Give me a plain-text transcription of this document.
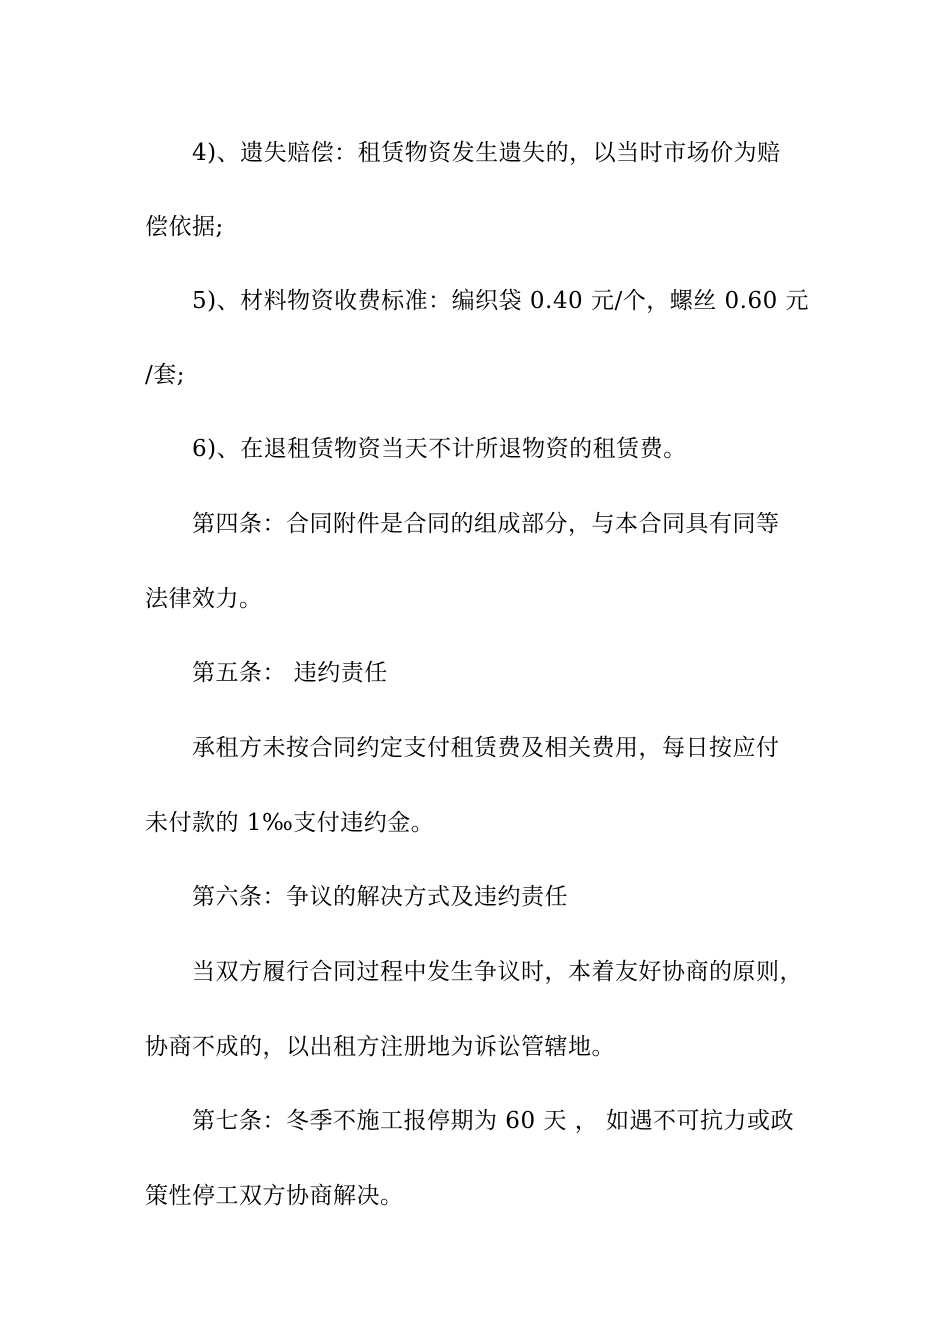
4)、遗失赔偿：租赁物资发生遗失的，以当时市场价为赔
偿依据;
5)、材料物资收费标准：编织袋 0.40 元/个，螺丝 0.60 元
/套;
6)、在退租赁物资当天不计所退物资的租赁费。
第四条：合同附件是合同的组成部分，与本合同具有同等
法律效力。
第五条： 违约责任
承租方未按合同约定支付租赁费及相关费用，每日按应付
未付款的 1‰支付违约金。
第六条：争议的解决方式及违约责任
当双方履行合同过程中发生争议时，本着友好协商的原则，
协商不成的，以出租方注册地为诉讼管辖地。
第七条：冬季不施工报停期为 60 天 ， 如遇不可抗力或政
策性停工双方协商解决。
